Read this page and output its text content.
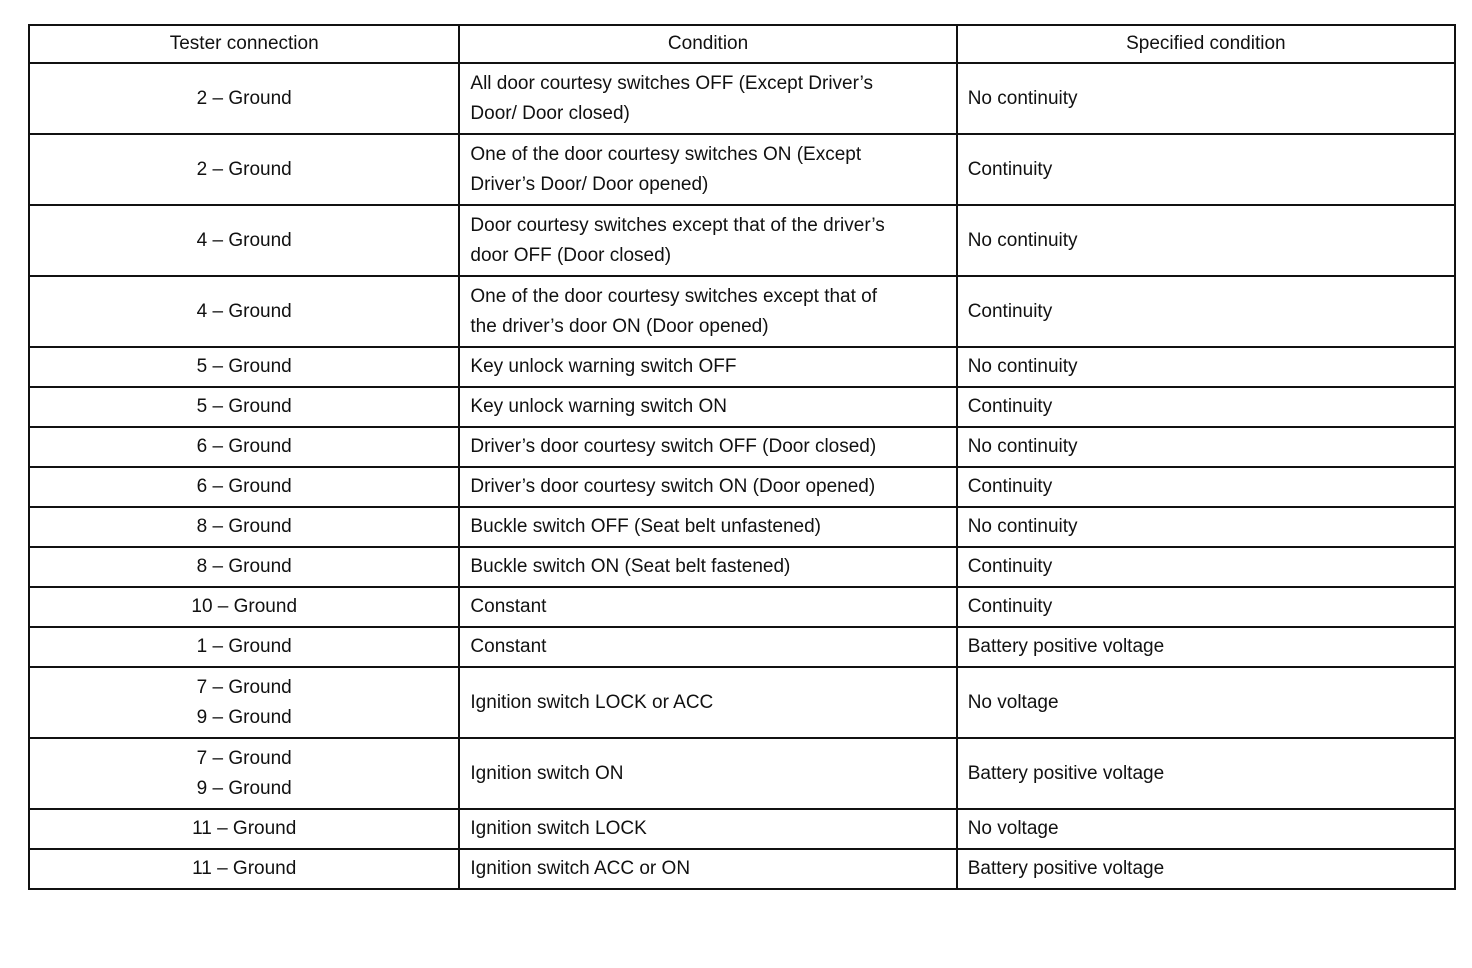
Tester connection	Condition	Specified condition

2 – Ground	All door courtesy switches OFF (Except Driver’s
Door/ Door closed)	No continuity

2 – Ground	One of the door courtesy switches ON (Except
Driver’s Door/ Door opened)	Continuity

4 – Ground	Door courtesy switches except that of the driver’s
door OFF (Door closed)	No continuity

4 – Ground	One of the door courtesy switches except that of
the driver’s door ON (Door opened)	Continuity

5 – Ground	Key unlock warning switch OFF	No continuity

5 – Ground	Key unlock warning switch ON	Continuity

6 – Ground	Driver’s door courtesy switch OFF (Door closed)	No continuity

6 – Ground	Driver’s door courtesy switch ON (Door opened)	Continuity

8 – Ground	Buckle switch OFF (Seat belt unfastened)	No continuity

8 – Ground	Buckle switch ON (Seat belt fastened)	Continuity

10 – Ground	Constant	Continuity

1 – Ground	Constant	Battery positive voltage

7 – Ground
9 – Ground	Ignition switch LOCK or ACC	No voltage

7 – Ground
9 – Ground	Ignition switch ON	Battery positive voltage

11 – Ground	Ignition switch LOCK	No voltage

11 – Ground	Ignition switch ACC or ON	Battery positive voltage
